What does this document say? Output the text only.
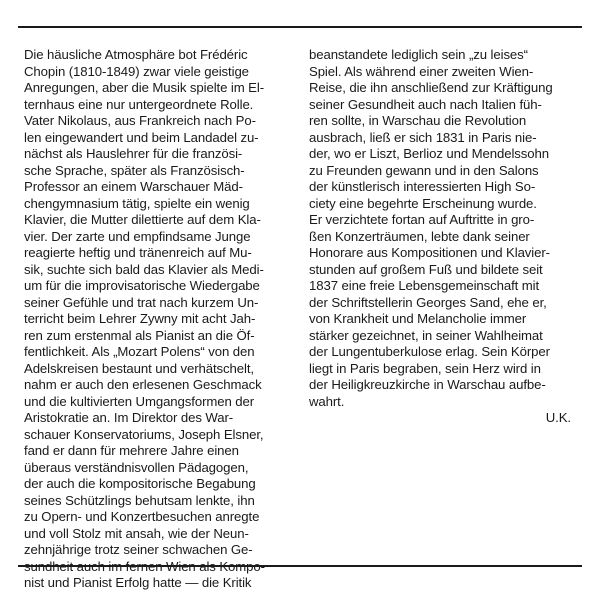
Die häusliche Atmosphäre bot Frédéric
Chopin (1810-1849) zwar viele geistige
Anregungen, aber die Musik spielte im El-
ternhaus eine nur untergeordnete Rolle.
Vater Nikolaus, aus Frankreich nach Po-
len eingewandert und beim Landadel zu-
nächst als Hauslehrer für die französi-
sche Sprache, später als Französisch-
Professor an einem Warschauer Mäd-
chengymnasium tätig, spielte ein wenig
Klavier, die Mutter dilettierte auf dem Kla-
vier. Der zarte und empfindsame Junge
reagierte heftig und tränenreich auf Mu-
sik, suchte sich bald das Klavier als Medi-
um für die improvisatorische Wiedergabe
seiner Gefühle und trat nach kurzem Un-
terricht beim Lehrer Zywny mit acht Jah-
ren zum erstenmal als Pianist an die Öf-
fentlichkeit. Als „Mozart Polens“ von den
Adelskreisen bestaunt und verhätschelt,
nahm er auch den erlesenen Geschmack
und die kultivierten Umgangsformen der
Aristokratie an. Im Direktor des War-
schauer Konservatoriums, Joseph Elsner,
fand er dann für mehrere Jahre einen
überaus verständnisvollen Pädagogen,
der auch die kompositorische Begabung
seines Schützlings behutsam lenkte, ihn
zu Opern- und Konzertbesuchen anregte
und voll Stolz mit ansah, wie der Neun-
zehnjährige trotz seiner schwachen Ge-
nist und Pianist Erfolg hatte — die Kritik
beanstandete lediglich sein „zu leises“
Spiel. Als während einer zweiten Wien-
Reise, die ihn anschließend zur Kräftigung
seiner Gesundheit auch nach Italien füh-
ren sollte, in Warschau die Revolution
ausbrach, ließ er sich 1831 in Paris nie-
der, wo er Liszt, Berlioz und Mendelssohn
zu Freunden gewann und in den Salons
der künstlerisch interessierten High So-
ciety eine begehrte Erscheinung wurde.
Er verzichtete fortan auf Auftritte in gro-
ßen Konzerträumen, lebte dank seiner
Honorare aus Kompositionen und Klavier-
stunden auf großem Fuß und bildete seit
1837 eine freie Lebensgemeinschaft mit
der Schriftstellerin Georges Sand, ehe er,
von Krankheit und Melancholie immer
stärker gezeichnet, in seiner Wahlheimat
der Lungentuberkulose erlag. Sein Körper
liegt in Paris begraben, sein Herz wird in
der Heiligkreuzkirche in Warschau aufbe-
wahrt.
U.K.
